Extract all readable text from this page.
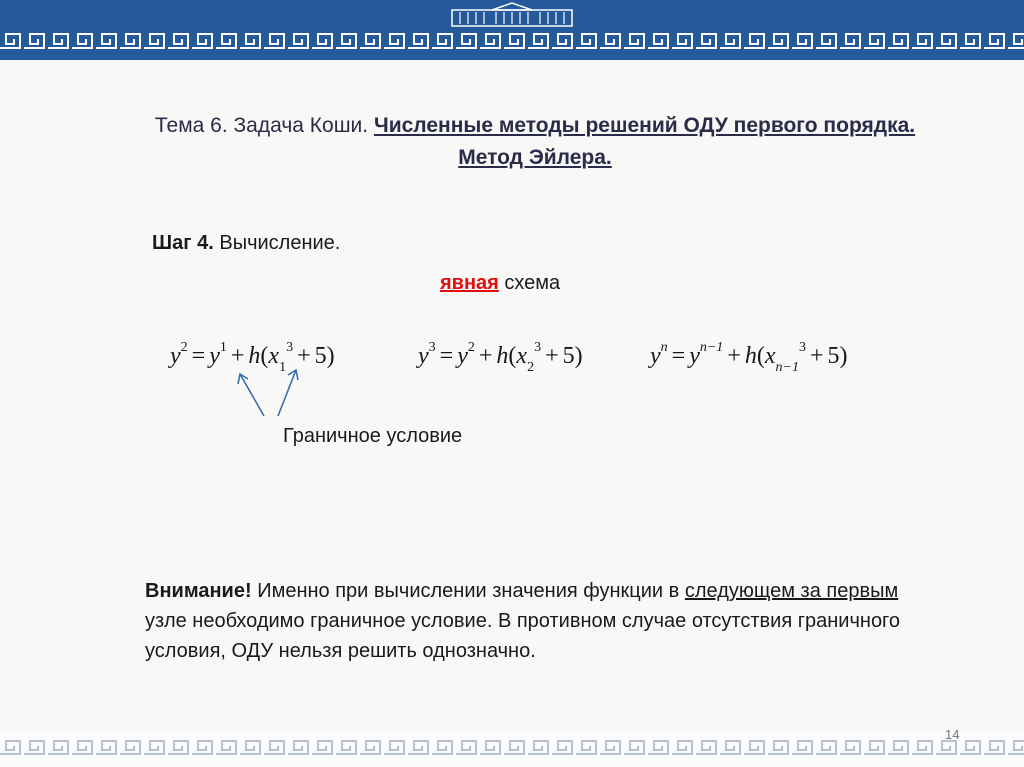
Тема 6. Задача Коши. Численные методы решений ОДУ первого порядка. Метод Эйлера.
Шаг 4. Вычисление.
явная схема
$y^2 = y^1 + h(x_1^3 + 5)$	$y^3 = y^2 + h(x_2^3 + 5)$	$y^n = y^{n-1} + h(x_{n-1}^3 + 5)$
Граничное условие
Внимание! Именно при вычислении значения функции в следующем за первым узле необходимо граничное условие. В противном случае отсутствия граничного условия, ОДУ нельзя решить однозначно.
14
